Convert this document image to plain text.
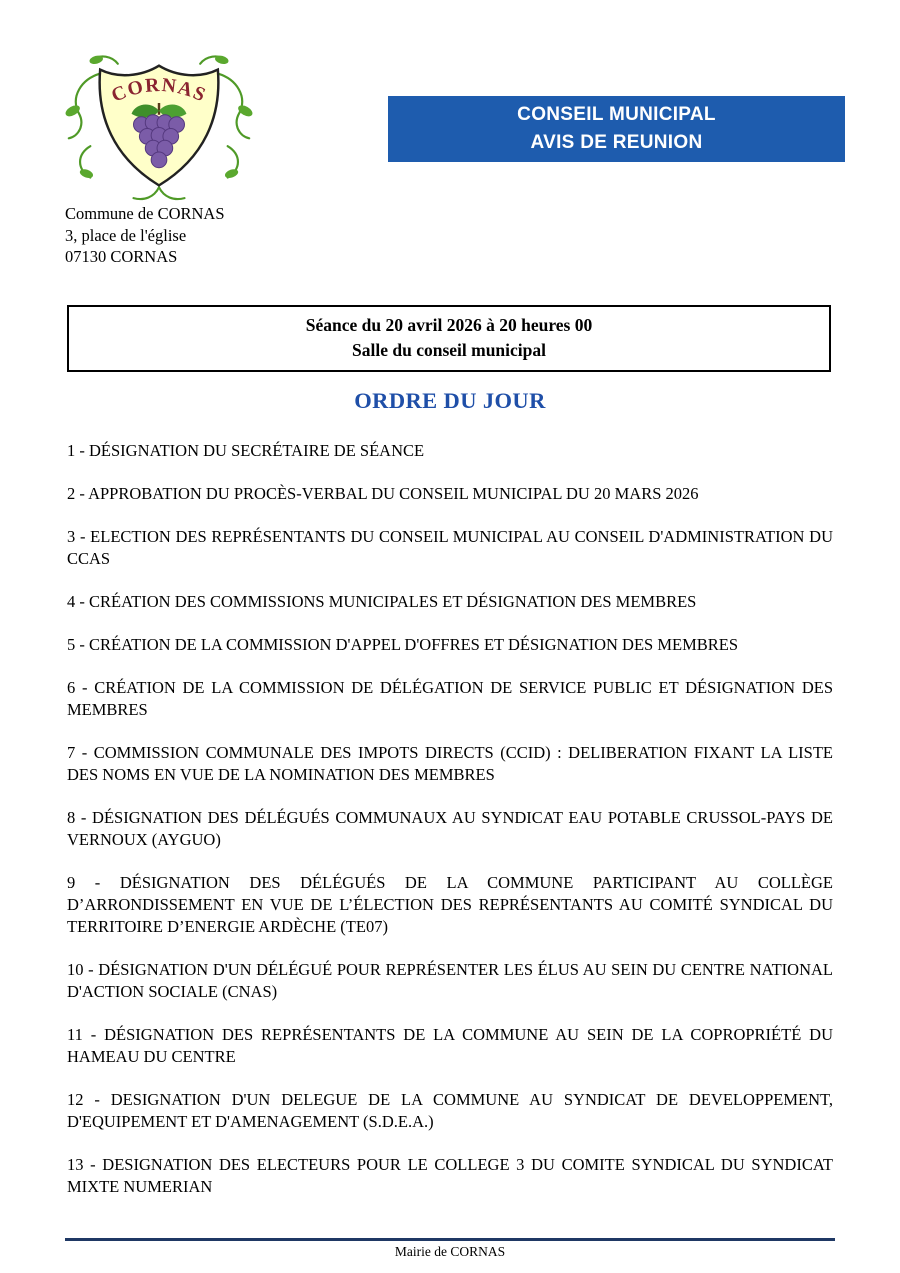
CORNAS
CONSEIL MUNICIPAL
AVIS DE REUNION
Commune de CORNAS
3, place de l'église
07130 CORNAS
Séance du 20 avril 2026 à 20 heures 00
Salle du conseil municipal
ORDRE DU JOUR

1 - DÉSIGNATION DU SECRÉTAIRE DE SÉANCE

2 - APPROBATION DU PROCÈS-VERBAL DU CONSEIL MUNICIPAL DU 20 MARS 2026

3 - ELECTION DES REPRÉSENTANTS DU CONSEIL MUNICIPAL AU CONSEIL D'ADMINISTRATION DU CCAS

4 - CRÉATION DES COMMISSIONS MUNICIPALES ET DÉSIGNATION DES MEMBRES

5 - CRÉATION DE LA COMMISSION D'APPEL D'OFFRES ET DÉSIGNATION DES MEMBRES

6 - CRÉATION DE LA COMMISSION DE DÉLÉGATION DE SERVICE PUBLIC ET DÉSIGNATION DES MEMBRES

7 - COMMISSION COMMUNALE DES IMPOTS DIRECTS (CCID) : DELIBERATION FIXANT LA LISTE DES NOMS EN VUE DE LA NOMINATION DES MEMBRES

8 - DÉSIGNATION DES DÉLÉGUÉS COMMUNAUX AU SYNDICAT EAU POTABLE CRUSSOL-PAYS DE VERNOUX (AYGUO)

9 - DÉSIGNATION DES DÉLÉGUÉS DE LA COMMUNE PARTICIPANT AU COLLÈGE D’ARRONDISSEMENT EN VUE DE L’ÉLECTION DES REPRÉSENTANTS AU COMITÉ SYNDICAL DU TERRITOIRE D’ENERGIE ARDÈCHE (TE07)

10 - DÉSIGNATION D'UN DÉLÉGUÉ POUR REPRÉSENTER LES ÉLUS AU SEIN DU CENTRE NATIONAL D'ACTION SOCIALE (CNAS)

11 - DÉSIGNATION DES REPRÉSENTANTS DE LA COMMUNE AU SEIN DE LA COPROPRIÉTÉ DU HAMEAU DU CENTRE

12 - DESIGNATION D'UN DELEGUE DE LA COMMUNE AU SYNDICAT DE DEVELOPPEMENT, D'EQUIPEMENT ET D'AMENAGEMENT (S.D.E.A.)

13 - DESIGNATION DES ELECTEURS POUR LE COLLEGE 3 DU COMITE SYNDICAL DU SYNDICAT MIXTE NUMERIAN

Mairie de CORNAS
